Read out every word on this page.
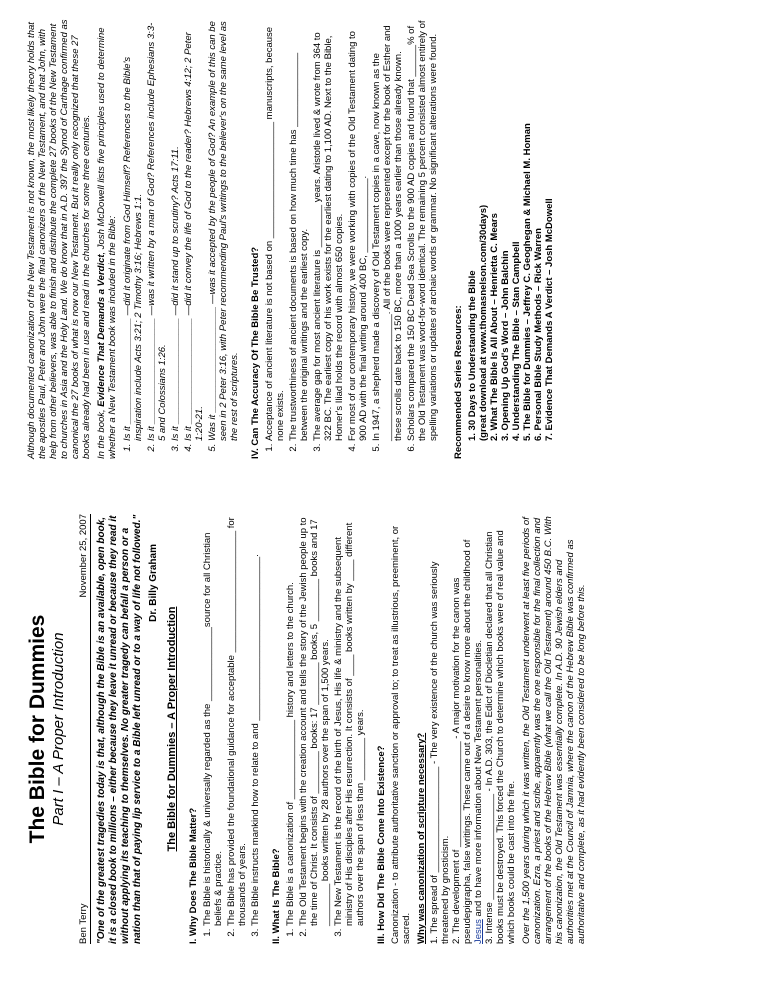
The Bible for Dummies Part I – A Proper Introduction
Ben Terry
November 25, 2007 "One of the greatest tragedies today is that, although the Bible is an available, open book, it is a closed book to millions – either because they leave it unread or because they read it without applying its teaching to themselves. No greater tragedy can befall a person or a nation than that of paying lip service to a Bible left unread or to a way of life not followed." Dr. Billy Graham
The Bible for Dummies – A Proper Introduction
I. Why Does The Bible Matter? 1. The Bible is historically & universally regarded as the ______________source for all Christian beliefs & practice. 2. The Bible has provided the foundational guidance for acceptable _______________________ for thousands of years. 3. The Bible instructs mankind how to relate to and _______________________________. II. What Is The Bible? 1. The Bible is a canonization of _______________ history and letters to the church. 2. The Old Testament begins with the creation account and tells the story of the Jewish people up to the time of Christ. It consists of ________ books: 17 ________ books, 5 ________ books and 17 ________ books written by 28 authors over the span of 1,500 years. 3. The New Testament is the record of the birth of Jesus, His life & ministry and the subsequent ministry of His disciples after His resurrection. It consists of ____ books written by ____ different authors over the span of less than ________ years. III. How Did The Bible Come Into Existence? Canonization - to attribute authoritative sanction or approval to; to treat as illustrious, preeminent, or sacred. Why was canonization of scripture necessary? 1. The spread of ____________________ - The very existence of the church was seriously threatened by gnosticism. 2. The development of ____________________ - A major motivation for the canon was pseudepigrapha, false writings. These came out of a desire to know more about the childhood of Jesus and to have more information about New Testament personalities. 3. Intense ____________________ - In A.D. 303, the Edict of Diocletian declared that all Christian books must be destroyed. This forced the Church to determine which books were of real value and which books could be cast into the fire. Over the 1,500 years during which it was written, the Old Testament underwent at least five periods of canonization. Ezra, a priest and scribe, apparently was the one responsible for the final collection and arrangement of the books of the Hebrew Bible (what we call the Old Testament) around 450 B.C. With his canonization, the Old Testament was essentially complete. In A.D. 90 Jewish elders and authorities met at the Council of Jamnia, where the canon of the Hebrew Bible was confirmed as authoritative and complete, as it had evidently been considered to be long before this.

Although documented canonization of the New Testament is not known, the most likely theory holds that the apostles Paul, Peter and John were the final canonizers of the New Testament, and that John, with help from other believers, was able to finish and distribute the complete 27 books of the New Testament to churches in Asia and the Holy Land. We do know that in A.D. 397 the Synod of Carthage confirmed as canonical the 27 books of what is now our New Testament. But it really only recognized that these 27 books already had been in use and read in the churches for some three centuries. In the book, Evidence That Demands a Verdict, Josh McDowell lists five principles used to determine whether a New Testament book was included in the Bible: 1. Is it ____________________ —did it originate from God Himself? References to the Bible's inspiration include Acts 3:21; 2 Timothy 3:16; Hebrews 1:1. 2. Is it ____________________ —was it written by a man of God? References include Ephesians 3:3-5 and Colossians 1:26. 3. Is it ____________________ —did it stand up to scrutiny? Acts 17:11. 4. Is it ____________________ —did it convey the life of God to the reader? Hebrews 4:12; 2 Peter 1:20-21. 5. Was it ____________________ —was it accepted by the people of God? An example of this can be seen in 2 Peter 3:16, with Peter recommending Paul's writings to the believer's on the same level as the rest of scriptures. IV. Can The Accuracy Of The Bible Be Trusted? 1. Acceptance of ancient literature is not based on ______________________ manuscripts, because none exists. 2. The trustworthiness of ancient documents is based on how much time has ______________ between the original writings and the earliest copy. 3. The average gap for most ancient literature is ________ years. Aristotle lived & wrote from 364 to 322 BC. The earliest copy of his work exists for the earliest dating to 1,100 AD. Next to the Bible, Homer's Iliad holds the record with almost 650 copies. 4. For most of our contemporary history, we were working with copies of the Old Testament dating to 900 AD with the final writing around 400 BC, ______________. 5. In 1947, a shepherd made a discovery of Old Testament copies in a cave, now known as the ________________________. All of the books were represented except for the book of Esther and these scrolls date back to 150 BC, more than a 1000 years earlier than those already known. 6. Scholars compared the 150 BC Dead Sea Scrolls to the 900 AD copies and found that ______% of the Old Testament was word-for-word identical. The remaining 5 percent consisted almost entirely of spelling variations or updates of archaic words or grammar. No significant alterations were found. Recommended Series Resources: 1. 30 Days to Understanding the Bible (great download at www.thomasnelson.com/30days) 2. What The Bible Is All About – Henrietta C. Mears 3. Opening Up God's Word – John Balchin 4. Understanding The Bible – Stan Campbell 5. The Bible for Dummies – Jeffrey C. Geoghegan & Michael M. Homan 6. Personal Bible Study Methods – Rick Warren 7. Evidence That Demands A Verdict – Josh McDowell
